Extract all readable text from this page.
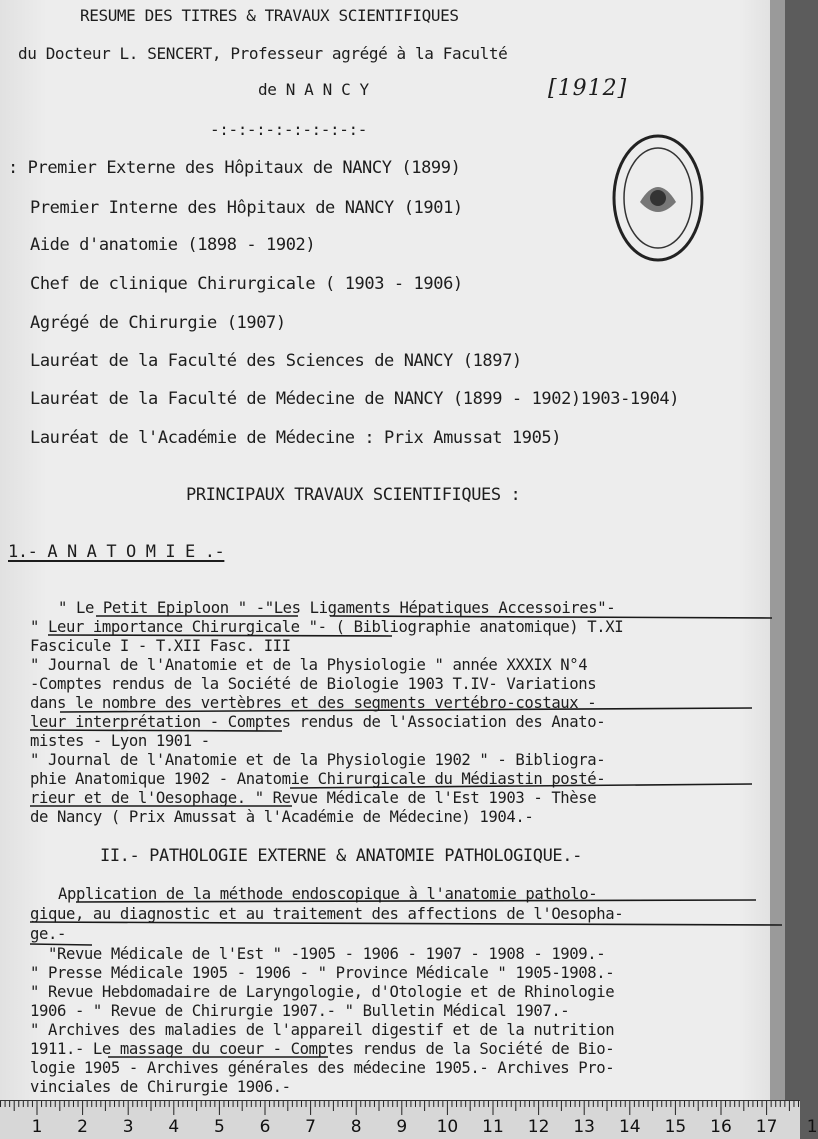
RESUME DES TITRES & TRAVAUX SCIENTIFIQUES
du Docteur L. SENCERT, Professeur agrégé à la Faculté
de N A N C Y	[1912]
-:-:-:-:-:-:-:-:-
: Premier Externe des Hôpitaux de NANCY (1899)
Premier Interne des Hôpitaux de NANCY (1901)
Aide d'anatomie (1898 - 1902)
Chef de clinique Chirurgicale ( 1903 - 1906)
Agrégé de Chirurgie (1907)
Lauréat de la Faculté des Sciences de NANCY (1897)
Lauréat de la Faculté de Médecine de NANCY (1899 - 1902)1903-1904)
Lauréat de l'Académie de Médecine : Prix Amussat 1905)
PRINCIPAUX TRAVAUX SCIENTIFIQUES :
1.- A N A T O M I E .-
" Le Petit Epiploon " -"Les Ligaments Hépatiques Accessoires"-
" Leur importance Chirurgicale "- ( Bibliographie anatomique) T.XI
Fascicule I - T.XII Fasc. III
" Journal de l'Anatomie et de la Physiologie " année XXXIX N°4
-Comptes rendus de la Société de Biologie 1903 T.IV- Variations
dans le nombre des vertèbres et des segments vertébro-costaux -
leur interprétation - Comptes rendus de l'Association des Anato-
mistes - Lyon 1901 -
" Journal de l'Anatomie et de la Physiologie 1902 " - Bibliogra-
phie Anatomique 1902 - Anatomie Chirurgicale du Médiastin posté-
rieur et de l'Oesophage. " Revue Médicale de l'Est 1903 - Thèse
de Nancy ( Prix Amussat à l'Académie de Médecine) 1904.-
II.- PATHOLOGIE EXTERNE & ANATOMIE PATHOLOGIQUE.-
Application de la méthode endoscopique à l'anatomie patholo-
gique, au diagnostic et au traitement des affections de l'Oesopha-
ge.-
"Revue Médicale de l'Est " -1905 - 1906 - 1907 - 1908 - 1909.-
" Presse Médicale 1905 - 1906 - " Province Médicale " 1905-1908.-
" Revue Hebdomadaire de Laryngologie, d'Otologie et de Rhinologie
1906 - " Revue de Chirurgie 1907.- " Bulletin Médical 1907.-
" Archives des maladies de l'appareil digestif et de la nutrition
1911.- Le massage du coeur - Comptes rendus de la Société de Bio-
logie 1905 - Archives générales des médecine 1905.- Archives Pro-
vinciales de Chirurgie 1906.-
1 2 3 4 5 6 7 8 9 10 11 12 13 14 15 16 17 1
